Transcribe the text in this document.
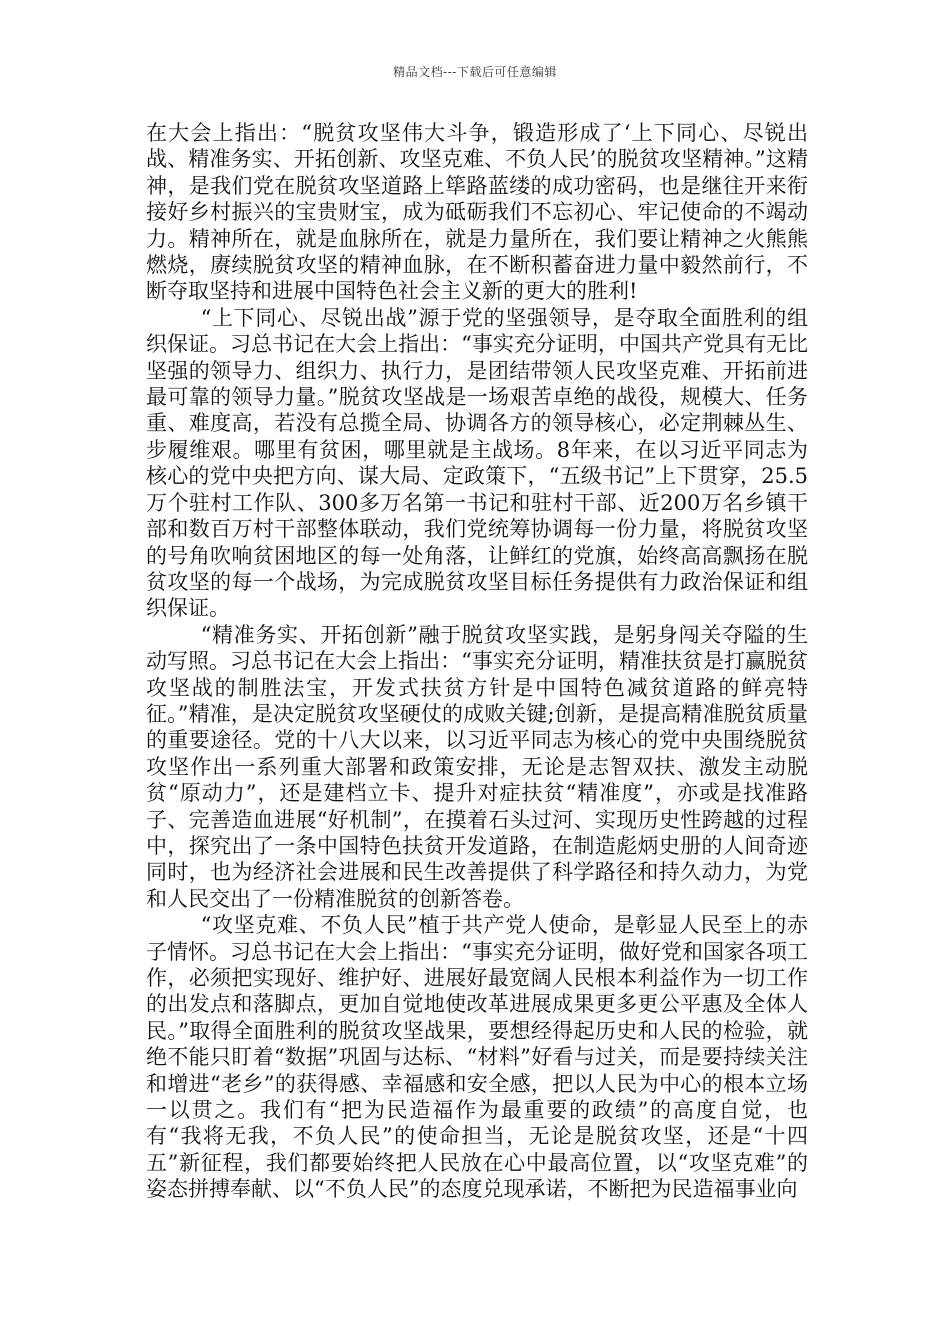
精品文档---下载后可任意编辑

在大会上指出：“脱贫攻坚伟大斗争，锻造形成了‘上下同心、尽锐出战、精准务实、开拓创新、攻坚克难、不负人民’的脱贫攻坚精神。”这精神，是我们党在脱贫攻坚道路上筚路蓝缕的成功密码，也是继往开来衔接好乡村振兴的宝贵财宝，成为砥砺我们不忘初心、牢记使命的不竭动力。精神所在，就是血脉所在，就是力量所在，我们要让精神之火熊熊燃烧，赓续脱贫攻坚的精神血脉，在不断积蓄奋进力量中毅然前行，不断夺取坚持和进展中国特色社会主义新的更大的胜利!

“上下同心、尽锐出战”源于党的坚强领导，是夺取全面胜利的组织保证。习总书记在大会上指出：“事实充分证明，中国共产党具有无比坚强的领导力、组织力、执行力，是团结带领人民攻坚克难、开拓前进最可靠的领导力量。”脱贫攻坚战是一场艰苦卓绝的战役，规模大、任务重、难度高，若没有总揽全局、协调各方的领导核心，必定荆棘丛生、步履维艰。哪里有贫困，哪里就是主战场。8年来，在以习近平同志为核心的党中央把方向、谋大局、定政策下，“五级书记”上下贯穿，25.5万个驻村工作队、300多万名第一书记和驻村干部、近200万名乡镇干部和数百万村干部整体联动，我们党统筹协调每一份力量，将脱贫攻坚的号角吹响贫困地区的每一处角落，让鲜红的党旗，始终高高飘扬在脱贫攻坚的每一个战场，为完成脱贫攻坚目标任务提供有力政治保证和组织保证。

“精准务实、开拓创新”融于脱贫攻坚实践，是躬身闯关夺隘的生动写照。习总书记在大会上指出：“事实充分证明，精准扶贫是打赢脱贫攻坚战的制胜法宝，开发式扶贫方针是中国特色减贫道路的鲜亮特征。”精准，是决定脱贫攻坚硬仗的成败关键;创新，是提高精准脱贫质量的重要途径。党的十八大以来，以习近平同志为核心的党中央围绕脱贫攻坚作出一系列重大部署和政策安排，无论是志智双扶、激发主动脱贫“原动力”，还是建档立卡、提升对症扶贫“精准度”，亦或是找准路子、完善造血进展“好机制”，在摸着石头过河、实现历史性跨越的过程中，探究出了一条中国特色扶贫开发道路，在制造彪炳史册的人间奇迹同时，也为经济社会进展和民生改善提供了科学路径和持久动力，为党和人民交出了一份精准脱贫的创新答卷。

“攻坚克难、不负人民”植于共产党人使命，是彰显人民至上的赤子情怀。习总书记在大会上指出：“事实充分证明，做好党和国家各项工作，必须把实现好、维护好、进展好最宽阔人民根本利益作为一切工作的出发点和落脚点，更加自觉地使改革进展成果更多更公平惠及全体人民。”取得全面胜利的脱贫攻坚战果，要想经得起历史和人民的检验，就绝不能只盯着“数据”巩固与达标、“材料”好看与过关，而是要持续关注和增进“老乡”的获得感、幸福感和安全感，把以人民为中心的根本立场一以贯之。我们有“把为民造福作为最重要的政绩”的高度自觉，也有“我将无我，不负人民”的使命担当，无论是脱贫攻坚，还是“十四五”新征程，我们都要始终把人民放在心中最高位置，以“攻坚克难”的姿态拼搏奉献、以“不负人民”的态度兑现承诺，不断把为民造福事业向
